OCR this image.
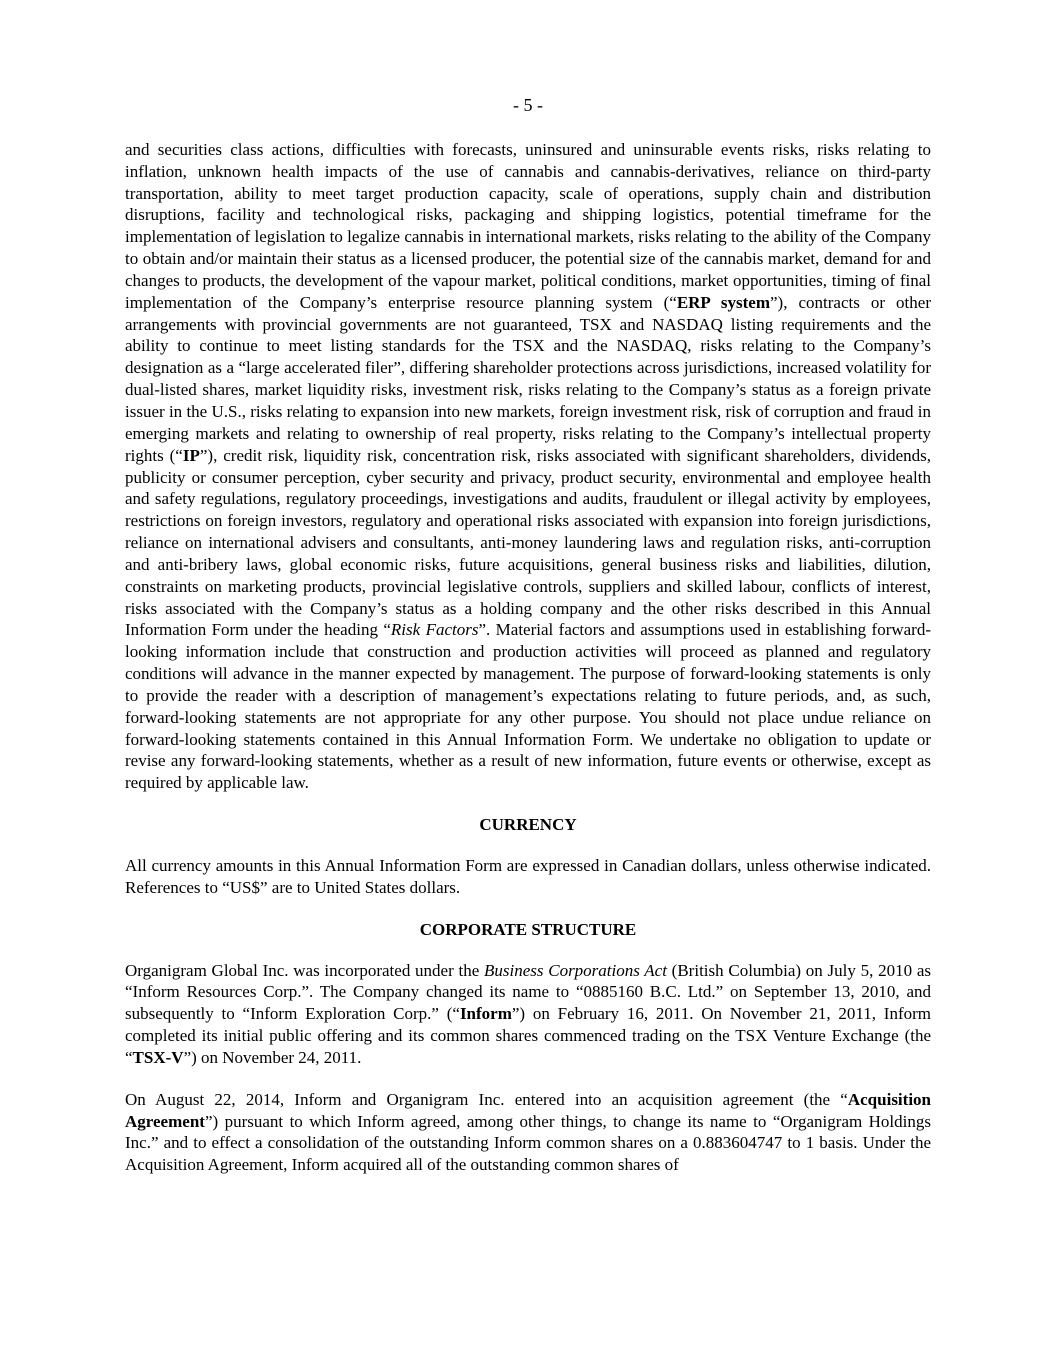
- 5 -

and securities class actions, difficulties with forecasts, uninsured and uninsurable events risks, risks relating to inflation, unknown health impacts of the use of cannabis and cannabis-derivatives, reliance on third-party transportation, ability to meet target production capacity, scale of operations, supply chain and distribution disruptions, facility and technological risks, packaging and shipping logistics, potential timeframe for the implementation of legislation to legalize cannabis in international markets, risks relating to the ability of the Company to obtain and/or maintain their status as a licensed producer, the potential size of the cannabis market, demand for and changes to products, the development of the vapour market, political conditions, market opportunities, timing of final implementation of the Company’s enterprise resource planning system (“ERP system”), contracts or other arrangements with provincial governments are not guaranteed, TSX and NASDAQ listing requirements and the ability to continue to meet listing standards for the TSX and the NASDAQ, risks relating to the Company’s designation as a “large accelerated filer”, differing shareholder protections across jurisdictions, increased volatility for dual-listed shares, market liquidity risks, investment risk, risks relating to the Company’s status as a foreign private issuer in the U.S., risks relating to expansion into new markets, foreign investment risk, risk of corruption and fraud in emerging markets and relating to ownership of real property, risks relating to the Company’s intellectual property rights (“IP”), credit risk, liquidity risk, concentration risk, risks associated with significant shareholders, dividends, publicity or consumer perception, cyber security and privacy, product security, environmental and employee health and safety regulations, regulatory proceedings, investigations and audits, fraudulent or illegal activity by employees, restrictions on foreign investors, regulatory and operational risks associated with expansion into foreign jurisdictions, reliance on international advisers and consultants, anti-money laundering laws and regulation risks, anti-corruption and anti-bribery laws, global economic risks, future acquisitions, general business risks and liabilities, dilution, constraints on marketing products, provincial legislative controls, suppliers and skilled labour, conflicts of interest, risks associated with the Company’s status as a holding company and the other risks described in this Annual Information Form under the heading “Risk Factors”. Material factors and assumptions used in establishing forward-looking information include that construction and production activities will proceed as planned and regulatory conditions will advance in the manner expected by management. The purpose of forward-looking statements is only to provide the reader with a description of management’s expectations relating to future periods, and, as such, forward-looking statements are not appropriate for any other purpose. You should not place undue reliance on forward-looking statements contained in this Annual Information Form. We undertake no obligation to update or revise any forward-looking statements, whether as a result of new information, future events or otherwise, except as required by applicable law.

CURRENCY

All currency amounts in this Annual Information Form are expressed in Canadian dollars, unless otherwise indicated. References to “US$” are to United States dollars.

CORPORATE STRUCTURE

Organigram Global Inc. was incorporated under the Business Corporations Act (British Columbia) on July 5, 2010 as “Inform Resources Corp.”. The Company changed its name to “0885160 B.C. Ltd.” on September 13, 2010, and subsequently to “Inform Exploration Corp.” (“Inform”) on February 16, 2011. On November 21, 2011, Inform completed its initial public offering and its common shares commenced trading on the TSX Venture Exchange (the “TSX-V”) on November 24, 2011.

On August 22, 2014, Inform and Organigram Inc. entered into an acquisition agreement (the “Acquisition Agreement”) pursuant to which Inform agreed, among other things, to change its name to “Organigram Holdings Inc.” and to effect a consolidation of the outstanding Inform common shares on a 0.883604747 to 1 basis. Under the Acquisition Agreement, Inform acquired all of the outstanding common shares of
